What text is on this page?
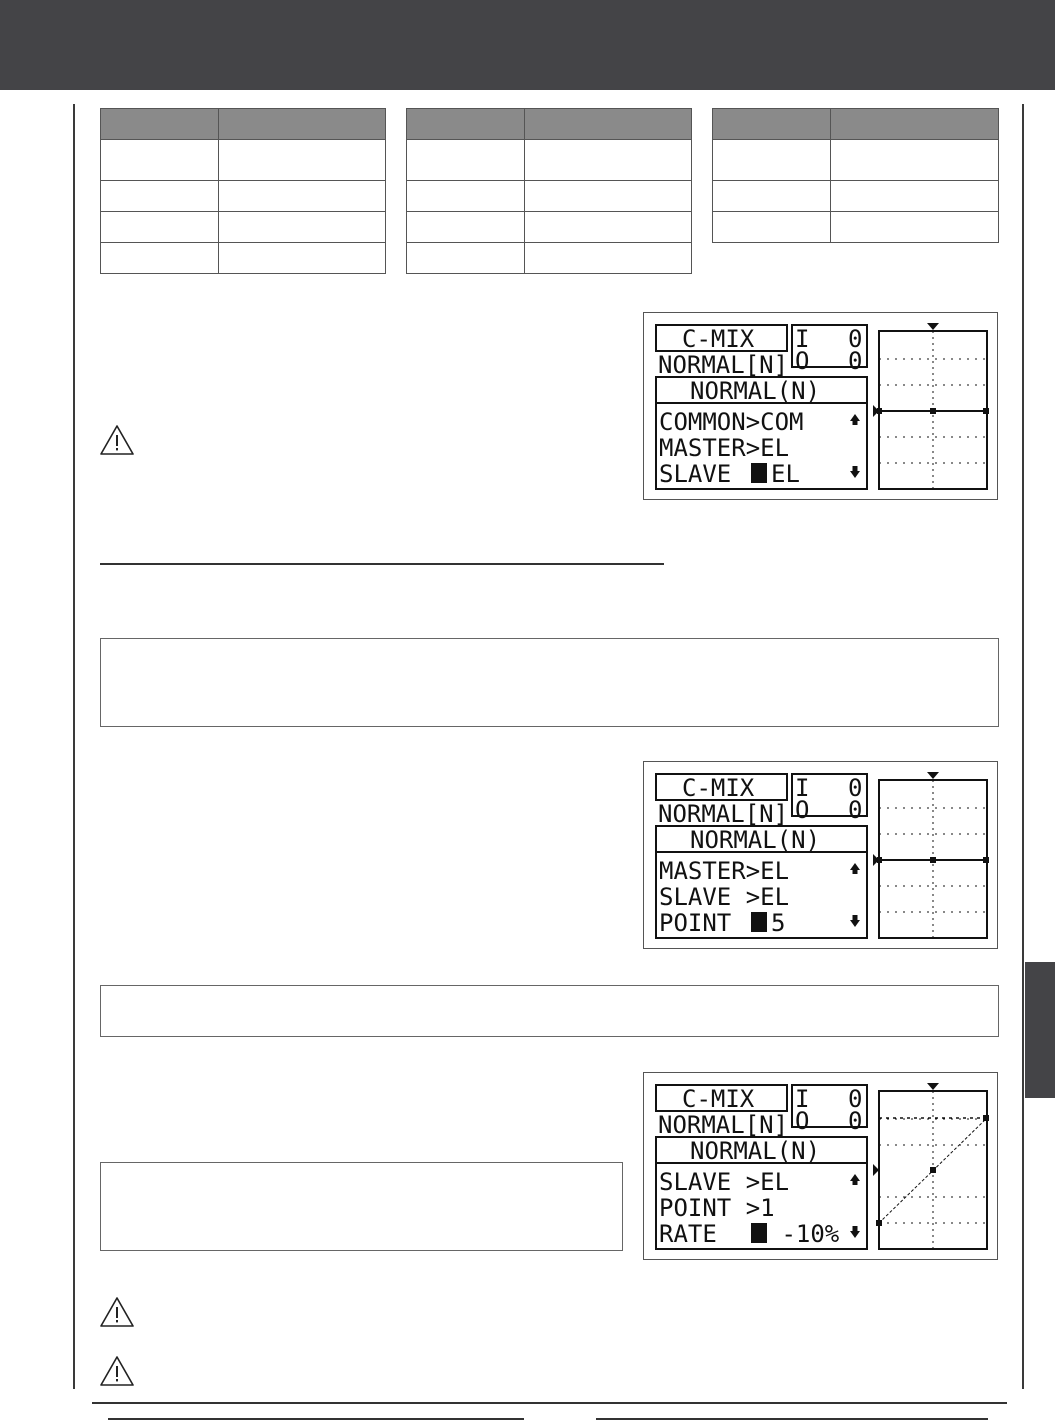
C-MIX
NORMAL[N]
I 0
O 0
NORMAL(N)
COMMON>COM
MASTER>EL
SLAVE EL
C-MIX
NORMAL[N]
I 0
O 0
NORMAL(N)
MASTER>EL
SLAVE >EL
POINT 5
C-MIX
NORMAL[N]
I 0
O 0
NORMAL(N)
SLAVE >EL
POINT >1
RATE -10%
